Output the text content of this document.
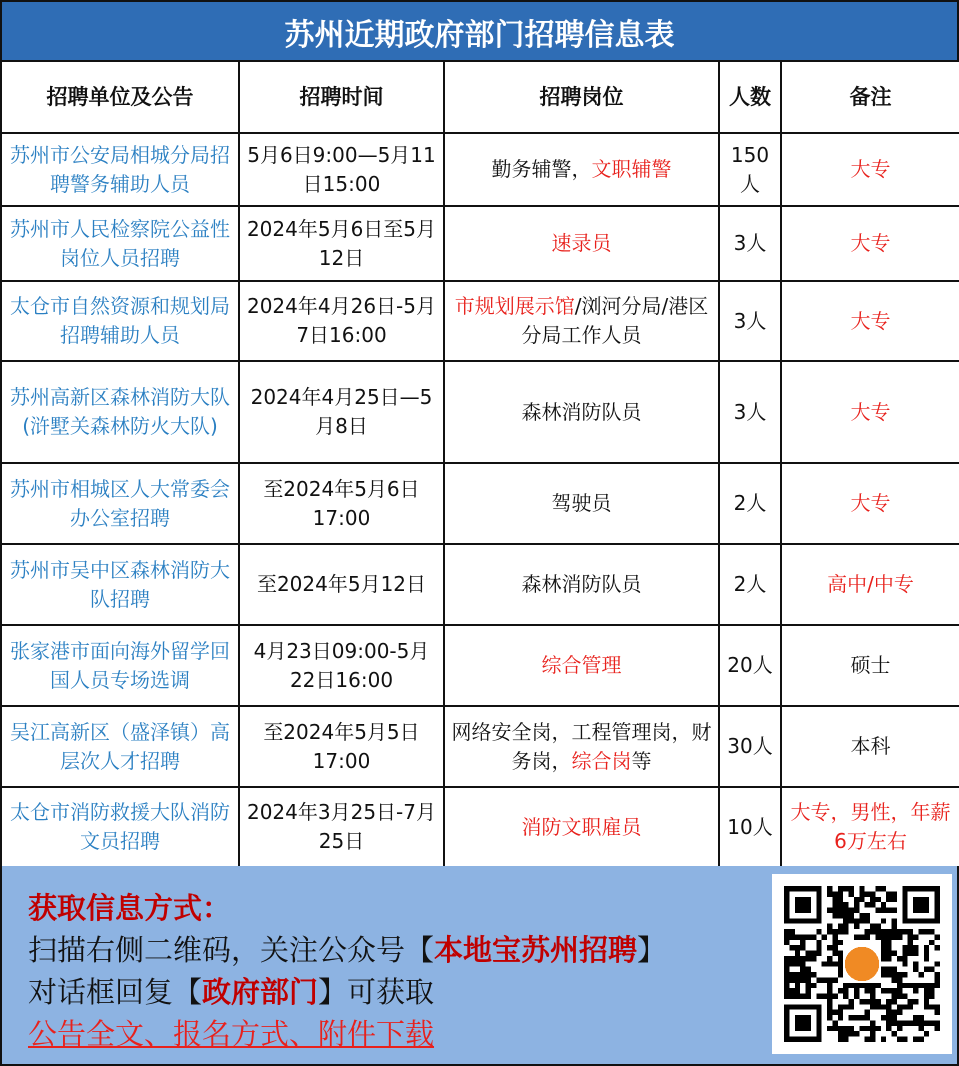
苏州近期政府部门招聘信息表
招聘单位及公告	招聘时间	招聘岗位	人数	备注
苏州市公安局相城分局招聘警务辅助人员	5月6日9:00—5月11日15:00	勤务辅警，文职辅警	150人	大专
苏州市人民检察院公益性岗位人员招聘	2024年5月6日至5月12日	速录员	3人	大专
太仓市自然资源和规划局招聘辅助人员	2024年4月26日-5月7日16:00	市规划展示馆/浏河分局/港区分局工作人员	3人	大专
苏州高新区森林消防大队(浒墅关森林防火大队)	2024年4月25日—5月8日	森林消防队员	3人	大专
苏州市相城区人大常委会办公室招聘	至2024年5月6日17:00	驾驶员	2人	大专
苏州市吴中区森林消防大队招聘	至2024年5月12日	森林消防队员	2人	高中/中专
张家港市面向海外留学回国人员专场选调	4月23日09:00-5月22日16:00	综合管理	20人	硕士
吴江高新区（盛泽镇）高层次人才招聘	至2024年5月5日17:00	网络安全岗，工程管理岗，财务岗，综合岗等	30人	本科
太仓市消防救援大队消防文员招聘	2024年3月25日-7月25日	消防文职雇员	10人	大专，男性，年薪6万左右
获取信息方式：
扫描右侧二维码，关注公众号【本地宝苏州招聘】
对话框回复【政府部门】可获取
公告全文、报名方式、附件下载
